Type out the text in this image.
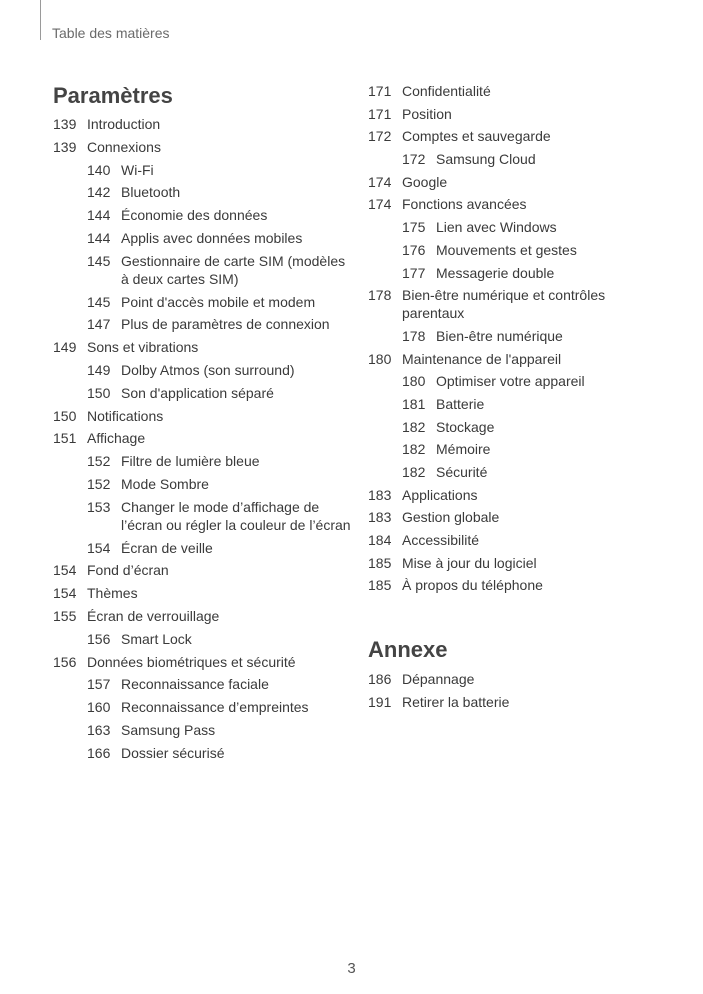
Table des matières
Paramètres
139 Introduction
139 Connexions
140 Wi-Fi
142 Bluetooth
144 Économie des données
144 Applis avec données mobiles
145 Gestionnaire de carte SIM (modèles à deux cartes SIM)
145 Point d'accès mobile et modem
147 Plus de paramètres de connexion
149 Sons et vibrations
149 Dolby Atmos (son surround)
150 Son d'application séparé
150 Notifications
151 Affichage
152 Filtre de lumière bleue
152 Mode Sombre
153 Changer le mode d’affichage de l’écran ou régler la couleur de l’écran
154 Écran de veille
154 Fond d’écran
154 Thèmes
155 Écran de verrouillage
156 Smart Lock
156 Données biométriques et sécurité
157 Reconnaissance faciale
160 Reconnaissance d’empreintes
163 Samsung Pass
166 Dossier sécurisé
171 Confidentialité
171 Position
172 Comptes et sauvegarde
172 Samsung Cloud
174 Google
174 Fonctions avancées
175 Lien avec Windows
176 Mouvements et gestes
177 Messagerie double
178 Bien-être numérique et contrôles parentaux
178 Bien-être numérique
180 Maintenance de l'appareil
180 Optimiser votre appareil
181 Batterie
182 Stockage
182 Mémoire
182 Sécurité
183 Applications
183 Gestion globale
184 Accessibilité
185 Mise à jour du logiciel
185 À propos du téléphone
Annexe
186 Dépannage
191 Retirer la batterie
3
